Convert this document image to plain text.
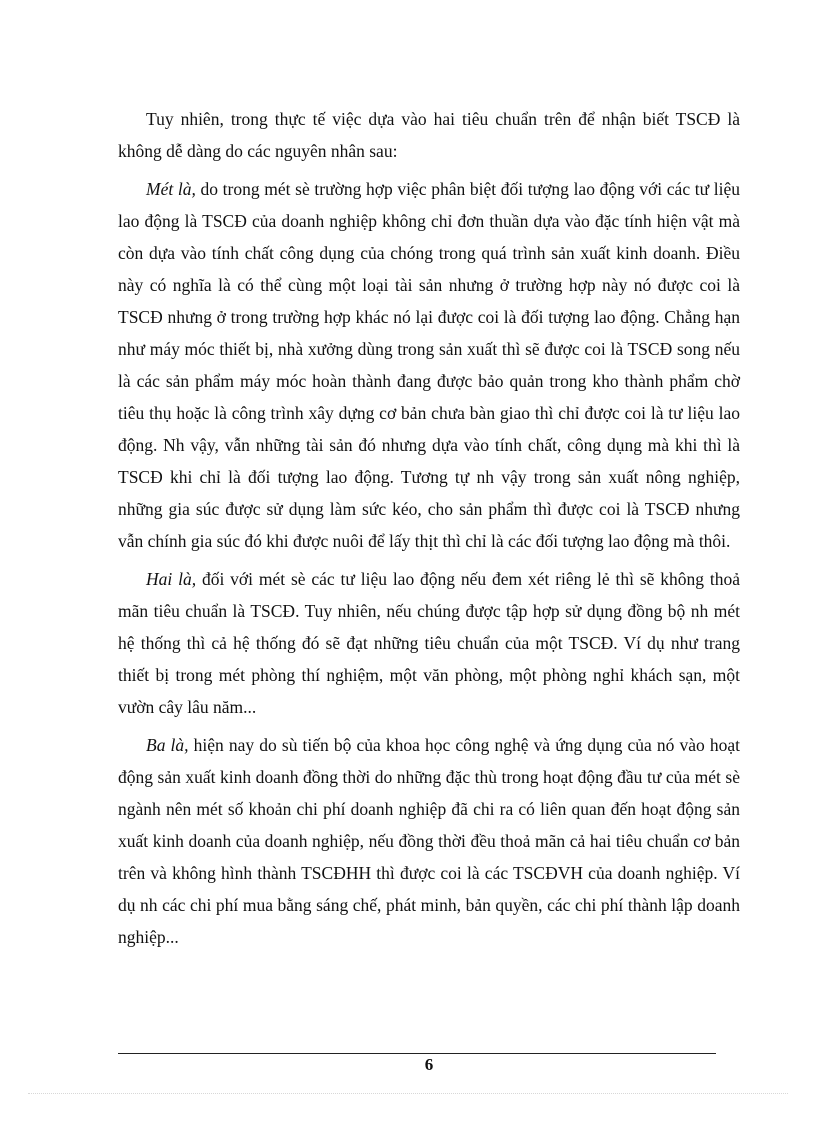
Tuy nhiên, trong thực tế việc dựa vào hai tiêu chuẩn trên để nhận biết TSCĐ là không dễ dàng do các nguyên nhân sau:

Mét là, do trong mét sè trường hợp việc phân biệt đối tượng lao động với các tư liệu lao động là TSCĐ của doanh nghiệp không chỉ đơn thuần dựa vào đặc tính hiện vật mà còn dựa vào tính chất công dụng của chóng trong quá trình sản xuất kinh doanh. Điều này có nghĩa là có thể cùng một loại tài sản nhưng ở trường hợp này nó được coi là TSCĐ nhưng ở trong trường hợp khác nó lại được coi là đối tượng lao động. Chẳng hạn như máy móc thiết bị, nhà xưởng dùng trong sản xuất thì sẽ được coi là TSCĐ song nếu là các sản phẩm máy móc hoàn thành đang được bảo quản trong kho thành phẩm chờ tiêu thụ hoặc là công trình xây dựng cơ bản chưa bàn giao thì chỉ được coi là tư liệu lao động. Nh vậy, vẫn những tài sản đó nhưng dựa vào tính chất, công dụng mà khi thì là TSCĐ khi chỉ là đối tượng lao động. Tương tự nh vậy trong sản xuất nông nghiệp, những gia súc được sử dụng làm sức kéo, cho sản phẩm thì được coi là TSCĐ nhưng vẫn chính gia súc đó khi được nuôi để lấy thịt thì chỉ là các đối tượng lao động mà thôi.

Hai là, đối với mét sè các tư liệu lao động nếu đem xét riêng lẻ thì sẽ không thoả mãn tiêu chuẩn là TSCĐ. Tuy nhiên, nếu chúng được tập hợp sử dụng đồng bộ nh mét hệ thống thì cả hệ thống đó sẽ đạt những tiêu chuẩn của một TSCĐ. Ví dụ như trang thiết bị trong mét phòng thí nghiệm, một văn phòng, một phòng nghỉ khách sạn, một vườn cây lâu năm...

Ba là, hiện nay do sù tiến bộ của khoa học công nghệ và ứng dụng của nó vào hoạt động sản xuất kinh doanh đồng thời do những đặc thù trong hoạt động đầu tư của mét sè ngành nên mét số khoản chi phí doanh nghiệp đã chi ra có liên quan đến hoạt động sản xuất kinh doanh của doanh nghiệp, nếu đồng thời đều thoả mãn cả hai tiêu chuẩn cơ bản trên và không hình thành TSCĐHH thì được coi là các TSCĐVH của doanh nghiệp. Ví dụ nh các chi phí mua bằng sáng chế, phát minh, bản quyền, các chi phí thành lập doanh nghiệp...

6
